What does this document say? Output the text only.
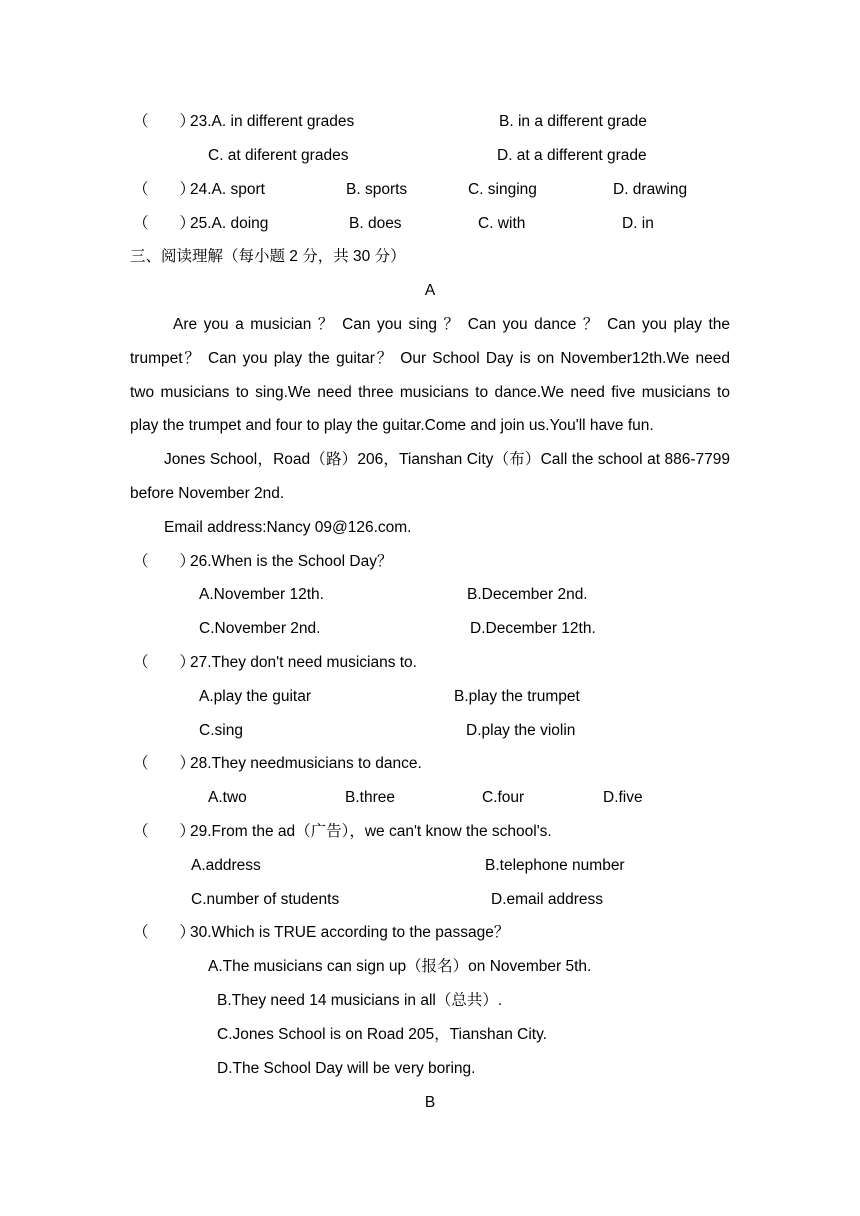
（　　）
23.A. in different grades	B. in a different grade
C. at diferent grades	D. at a different grade
（　　）
24.A. sport	B. sports	C. singing	D. drawing
（　　）
25.A. doing	B. does	C. with	D. in
三、阅读理解（每小题 2 分，共 30 分）
A
Are you a musician ？ Can you sing ？ Can you dance ？ Can you play the
trumpet？ Can you play the guitar？ Our School Day is on November12th.We need
two musicians to sing.We need three musicians to dance.We need five musicians to
play the trumpet and four to play the guitar.Come and join us.You'll have fun.
Jones School，Road（路）206，Tianshan City（布）Call the school at 886-7799
before November 2nd.
Email address:Nancy 09@126.com.
（　　）
26.When is the School Day？
A.November 12th.	B.December 2nd.
C.November 2nd.	D.December 12th.
（　　）
27.They don't need musicians to.
A.play the guitar	B.play the trumpet
C.sing	D.play the violin
（　　）
28.They needmusicians to dance.
A.two	B.three	C.four	D.five
（　　）
29.From the ad（广告），we can't know the school's.
A.address	B.telephone number
C.number of students	D.email address
（　　）
30.Which is TRUE according to the passage？
A.The musicians can sign up（报名）on November 5th.
B.They need 14 musicians in all（总共）.
C.Jones School is on Road 205，Tianshan City.
D.The School Day will be very boring.
B
